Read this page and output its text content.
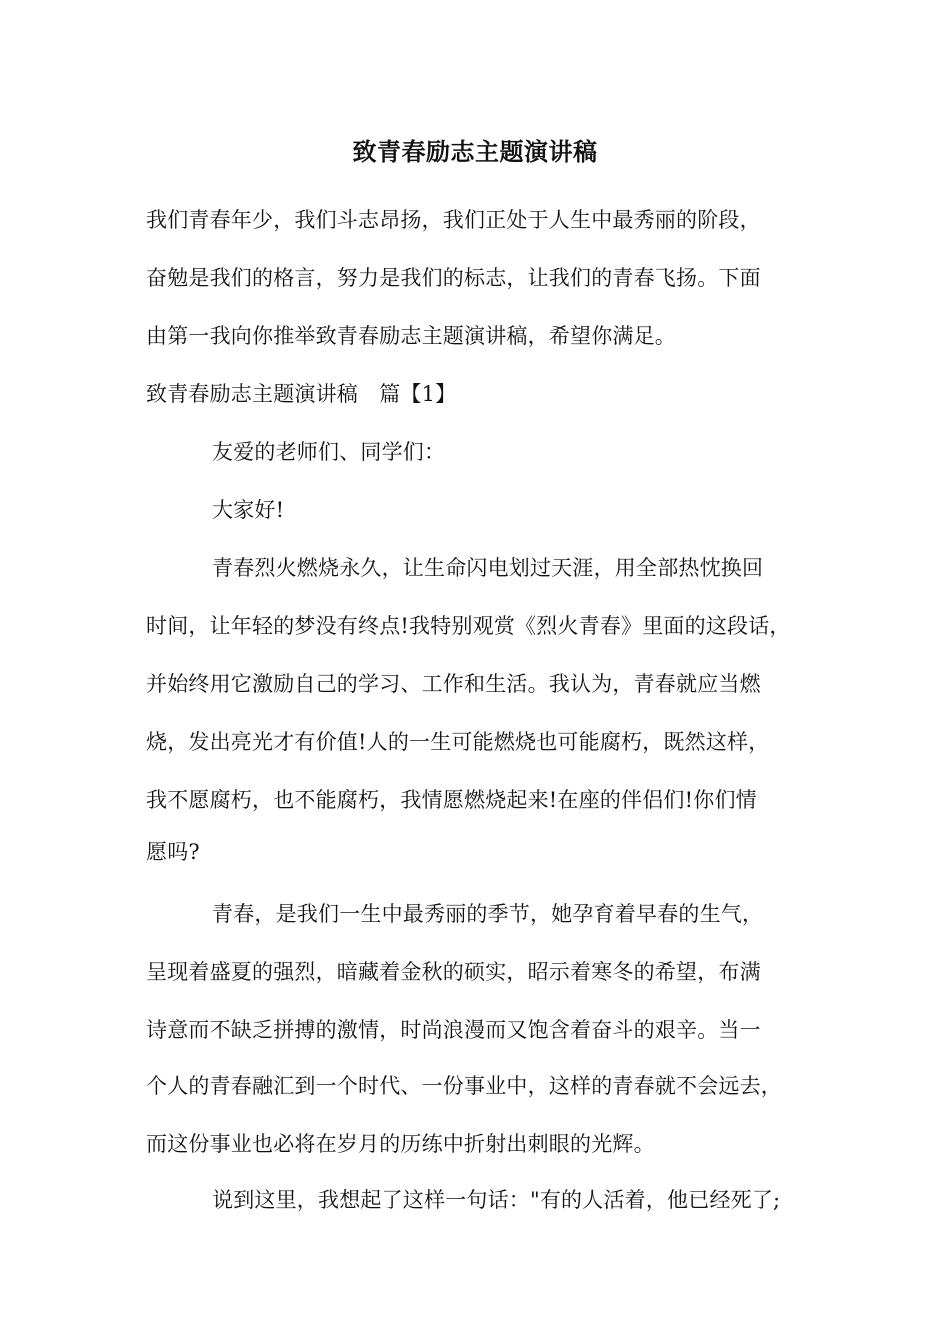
致青春励志主题演讲稿
我们青春年少，我们斗志昂扬，我们正处于人生中最秀丽的阶段，
奋勉是我们的格言，努力是我们的标志，让我们的青春飞扬。下面
由第一我向你推举致青春励志主题演讲稿，希望你满足。
致青春励志主题演讲稿　篇【1】
友爱的老师们、同学们：
大家好!
青春烈火燃烧永久，让生命闪电划过天涯，用全部热忱换回
时间，让年轻的梦没有终点!我特别观赏《烈火青春》里面的这段话，
并始终用它激励自己的学习、工作和生活。我认为，青春就应当燃
烧，发出亮光才有价值!人的一生可能燃烧也可能腐朽，既然这样，
我不愿腐朽，也不能腐朽，我情愿燃烧起来!在座的伴侣们!你们情
愿吗?
青春，是我们一生中最秀丽的季节，她孕育着早春的生气，
呈现着盛夏的强烈，暗藏着金秋的硕实，昭示着寒冬的希望，布满
诗意而不缺乏拼搏的激情，时尚浪漫而又饱含着奋斗的艰辛。当一
个人的青春融汇到一个时代、一份事业中，这样的青春就不会远去，
而这份事业也必将在岁月的历练中折射出刺眼的光辉。
说到这里，我想起了这样一句话："有的人活着，他已经死了;
